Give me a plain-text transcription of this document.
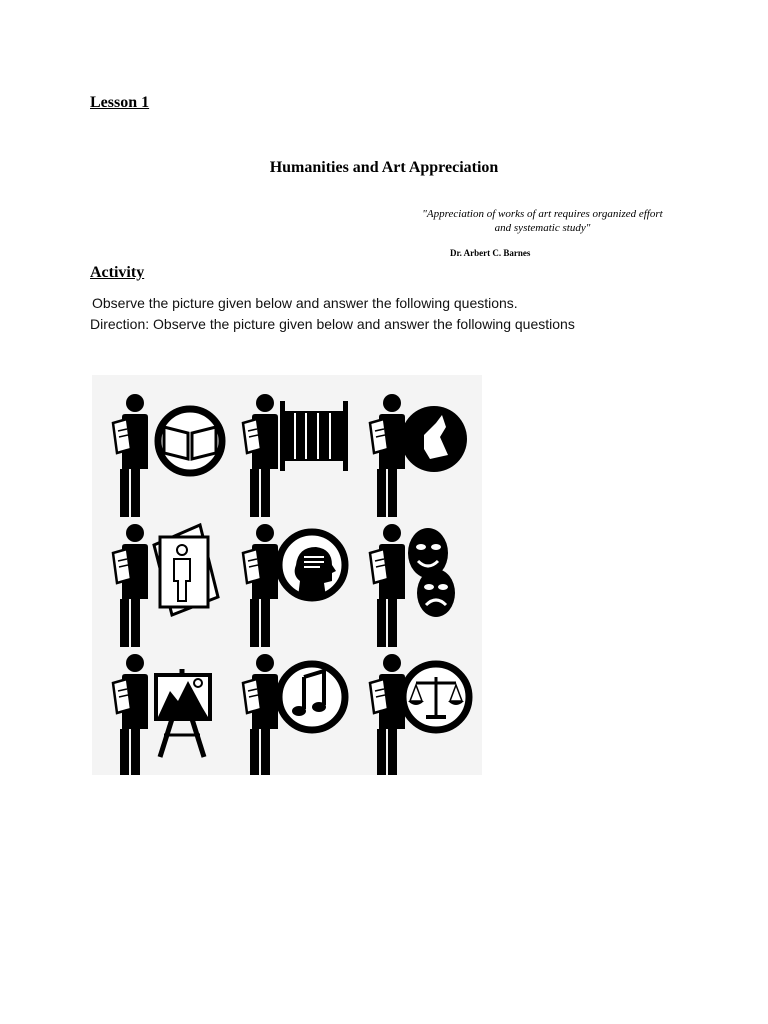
Lesson 1
Humanities and Art Appreciation
"Appreciation of works of art requires organized effort and systematic study"
Dr. Arbert C. Barnes
Activity
Observe the picture given below and answer the following questions.
Direction: Observe the picture given below and answer the following questions
